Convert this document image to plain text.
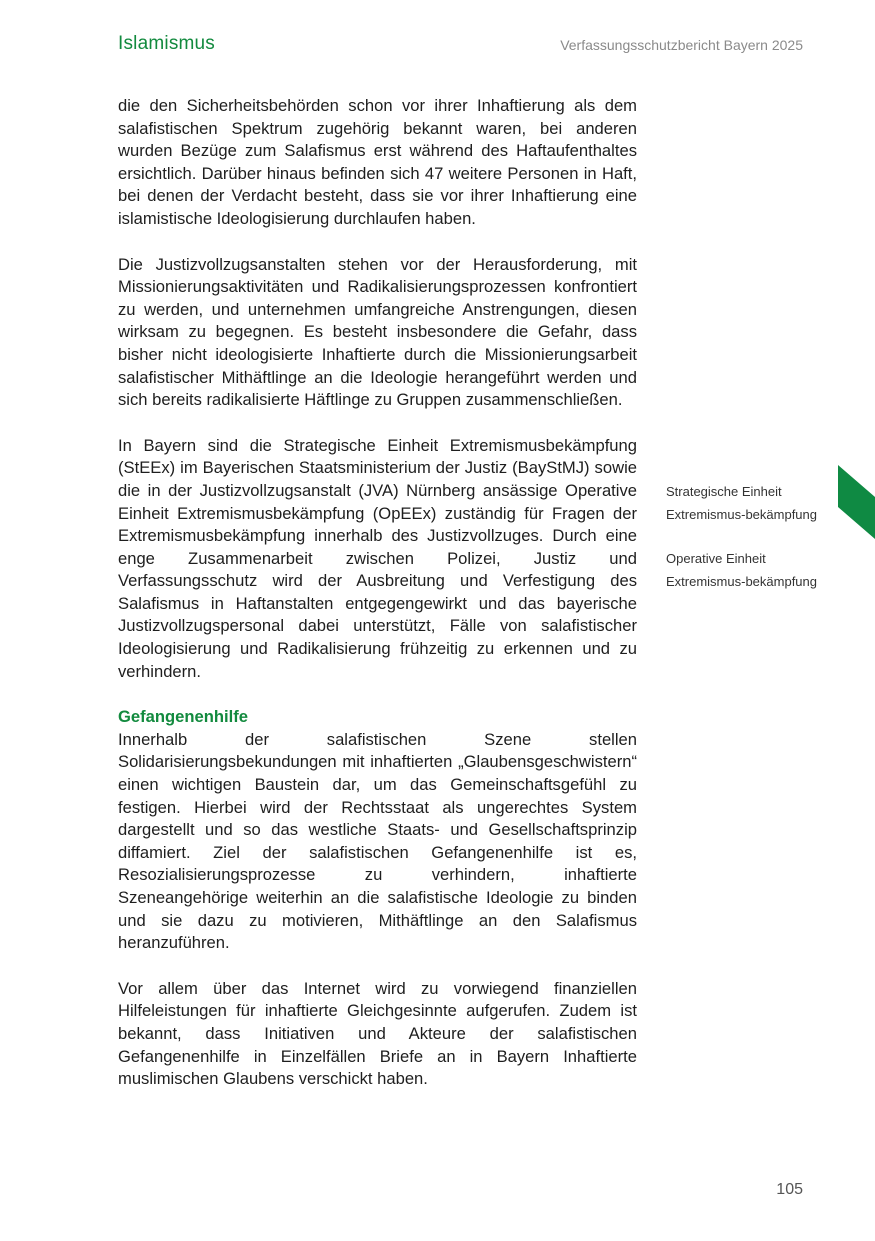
Islamismus	Verfassungsschutzbericht Bayern 2025

die den Sicherheitsbehörden schon vor ihrer Inhaftierung als dem salafistischen Spektrum zugehörig bekannt waren, bei anderen wurden Bezüge zum Salafismus erst während des Haftaufenthaltes ersichtlich. Darüber hinaus befinden sich 47 weitere Personen in Haft, bei denen der Verdacht besteht, dass sie vor ihrer Inhaftierung eine islamistische Ideologisierung durchlaufen haben.

Die Justizvollzugsanstalten stehen vor der Herausforderung, mit Missionierungsaktivitäten und Radikalisierungsprozessen konfrontiert zu werden, und unternehmen umfangreiche Anstrengungen, diesen wirksam zu begegnen. Es besteht insbesondere die Gefahr, dass bisher nicht ideologisierte Inhaftierte durch die Missionierungsarbeit salafistischer Mithäftlinge an die Ideologie herangeführt werden und sich bereits radikalisierte Häftlinge zu Gruppen zusammenschließen.

In Bayern sind die Strategische Einheit Extremismusbekämpfung (StEEx) im Bayerischen Staatsministerium der Justiz (BayStMJ) sowie die in der Justizvollzugsanstalt (JVA) Nürnberg ansässige Operative Einheit Extremismusbekämpfung (OpEEx) zuständig für Fragen der Extremismusbekämpfung innerhalb des Justizvollzuges. Durch eine enge Zusammenarbeit zwischen Polizei, Justiz und Verfassungsschutz wird der Ausbreitung und Verfestigung des Salafismus in Haftanstalten entgegengewirkt und das bayerische Justizvollzugspersonal dabei unterstützt, Fälle von salafistischer Ideologisierung und Radikalisierung frühzeitig zu erkennen und zu verhindern.

Gefangenenhilfe

Innerhalb der salafistischen Szene stellen Solidarisierungsbekundungen mit inhaftierten „Glaubensgeschwistern“ einen wichtigen Baustein dar, um das Gemeinschaftsgefühl zu festigen. Hierbei wird der Rechtsstaat als ungerechtes System dargestellt und so das westliche Staats- und Gesellschaftsprinzip diffamiert. Ziel der salafistischen Gefangenenhilfe ist es, Resozialisierungsprozesse zu verhindern, inhaftierte Szeneangehörige weiterhin an die salafistische Ideologie zu binden und sie dazu zu motivieren, Mithäftlinge an den Salafismus heranzuführen.

Vor allem über das Internet wird zu vorwiegend finanziellen Hilfeleistungen für inhaftierte Gleichgesinnte aufgerufen. Zudem ist bekannt, dass Initiativen und Akteure der salafistischen Gefangenenhilfe in Einzelfällen Briefe an in Bayern Inhaftierte muslimischen Glaubens verschickt haben.

Strategische Einheit Extremismus-bekämpfung
Operative Einheit Extremismus-bekämpfung
105
